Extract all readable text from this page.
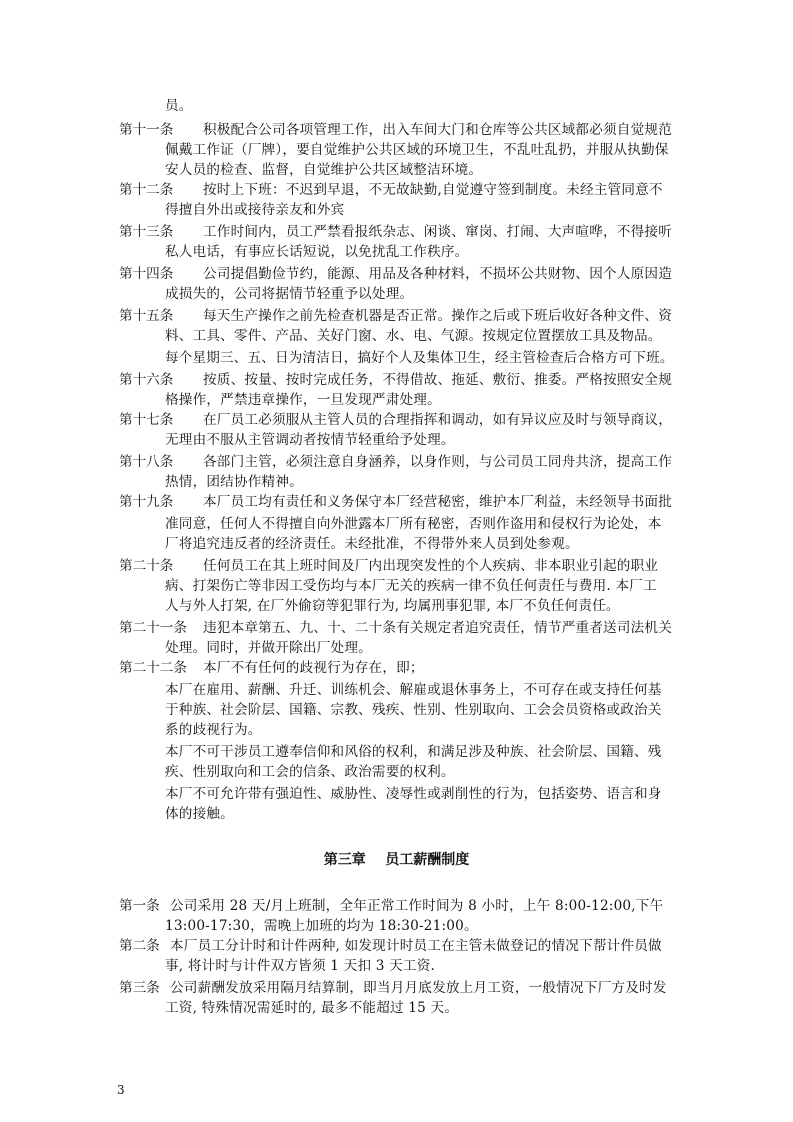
第十一条
第十二条
第十三条
第十四条
第十五条
第十六条
第十七条
第十八条
第十九条
第二十条
第二十一条
第二十二条
员。
积极配合公司各项管理工作，出入车间大门和仓库等公共区域都必须自觉规范
佩戴工作证（厂牌），要自觉维护公共区域的环境卫生，不乱吐乱扔，并服从执勤保
安人员的检查、监督，自觉维护公共区域整洁环境。
按时上下班：不迟到早退，不无故缺勤,自觉遵守签到制度。未经主管同意不
得擅自外出或接待亲友和外宾
工作时间内，员工严禁看报纸杂志、闲谈、窜岗、打闹、大声喧哗，不得接听
私人电话，有事应长话短说，以免扰乱工作秩序。
公司提倡勤俭节约，能源、用品及各种材料，不损坏公共财物、因个人原因造
成损失的，公司将据情节轻重予以处理。
每天生产操作之前先检查机器是否正常。操作之后或下班后收好各种文件、资
料、工具、零件、产品、关好门窗、水、电、气源。按规定位置摆放工具及物品。
每个星期三、五、日为清洁日，搞好个人及集体卫生，经主管检查后合格方可下班。
按质、按量、按时完成任务，不得借故、拖延、敷衍、推委。严格按照安全规
格操作，严禁违章操作，一旦发现严肃处理。
在厂员工必须服从主管人员的合理指挥和调动，如有异议应及时与领导商议，
无理由不服从主管调动者按情节轻重给予处理。
各部门主管，必须注意自身涵养，以身作则，与公司员工同舟共济，提高工作
热情，团结协作精神。
本厂员工均有责任和义务保守本厂经营秘密，维护本厂利益，未经领导书面批
准同意，任何人不得擅自向外泄露本厂所有秘密，否则作盗用和侵权行为论处，本
厂将追究违反者的经济责任。未经批准，不得带外来人员到处参观。
任何员工在其上班时间及厂内出现突发性的个人疾病、非本职业引起的职业
病、打架伤亡等非因工受伤均与本厂无关的疾病一律不负任何责任与费用. 本厂工
人与外人打架, 在厂外偷窃等犯罪行为, 均属刑事犯罪, 本厂不负任何责任。
违犯本章第五、九、十、二十条有关规定者追究责任，情节严重者送司法机关
处理。同时，并做开除出厂处理。
本厂不有任何的歧视行为存在，即；
本厂在雇用、薪酬、升迁、训练机会、解雇或退休事务上，不可存在或支持任何基
于种族、社会阶层、国籍、宗教、残疾、性别、性别取向、工会会员资格或政治关
系的歧视行为。
本厂不可干涉员工遵奉信仰和风俗的权利，和满足涉及种族、社会阶层、国籍、残
疾、性别取向和工会的信条、政治需要的权利。
本厂不可允许带有强迫性、威胁性、凌辱性或剥削性的行为，包括姿势、语言和身
体的接触。
第三章 员工薪酬制度
第一条 公司采用 28 天/月上班制，全年正常工作时间为 8 小时，上午 8:00-12:00,下午
13:00-17:30，需晚上加班的均为 18:30-21:00。
第二条 本厂员工分计时和计件两种, 如发现计时员工在主管未做登记的情况下帮计件员做
事, 将计时与计件双方皆须 1 天扣 3 天工资.
第三条 公司薪酬发放采用隔月结算制，即当月月底发放上月工资，一般情况下厂方及时发
工资, 特殊情况需延时的, 最多不能超过 15 天。
3
